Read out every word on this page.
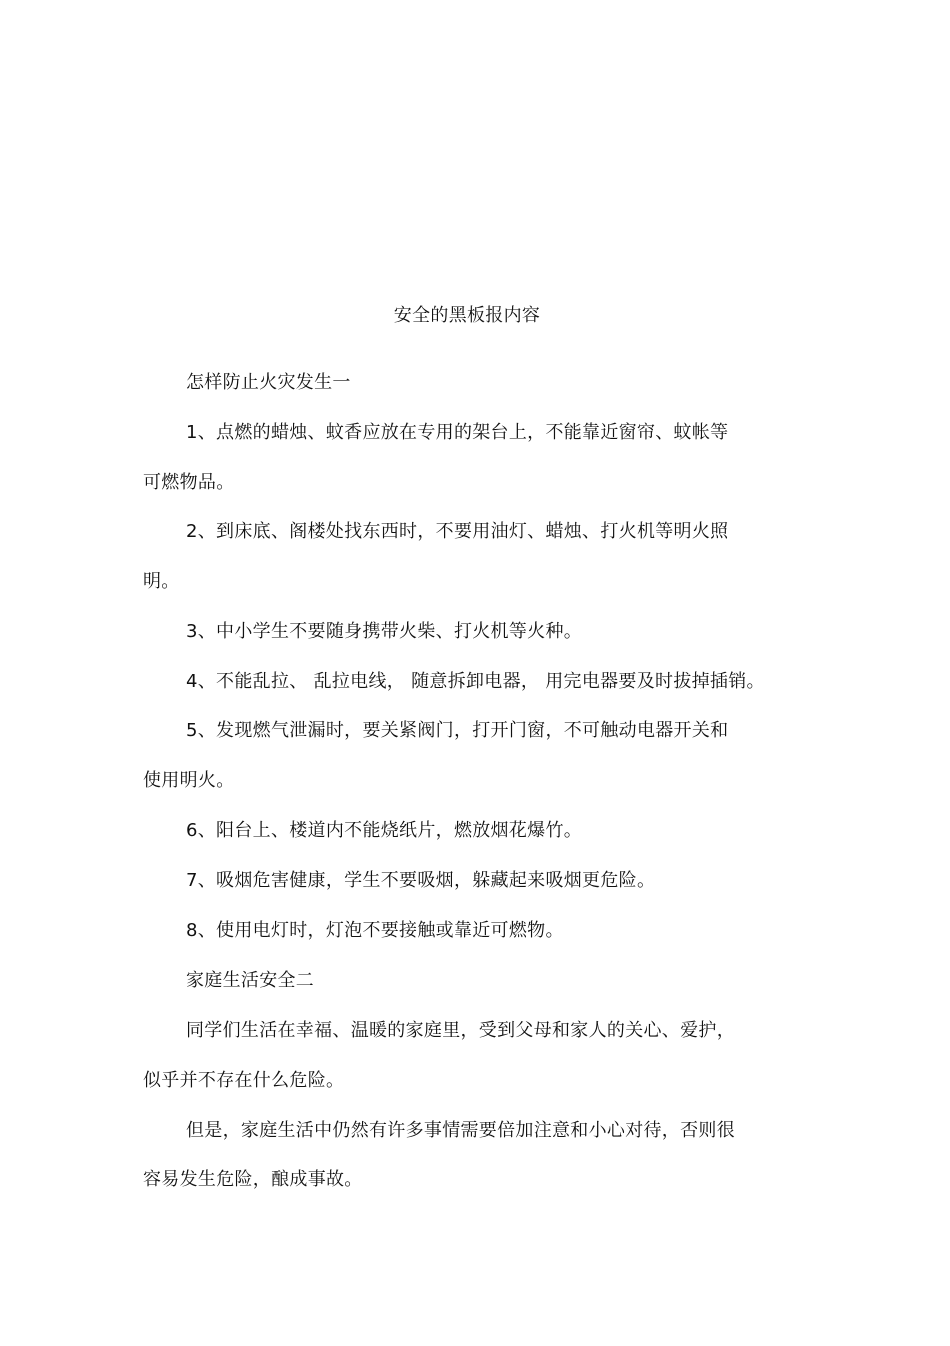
安全的黑板报内容
怎样防止火灾发生一
1、点燃的蜡烛、蚊香应放在专用的架台上，不能靠近窗帘、蚊帐等
可燃物品。
2、到床底、阁楼处找东西时，不要用油灯、蜡烛、打火机等明火照
明。
3、中小学生不要随身携带火柴、打火机等火种。
4、不能乱拉、 乱拉电线， 随意拆卸电器， 用完电器要及时拔掉插销。
5、发现燃气泄漏时，要关紧阀门，打开门窗，不可触动电器开关和
使用明火。
6、阳台上、楼道内不能烧纸片，燃放烟花爆竹。
7、吸烟危害健康，学生不要吸烟，躲藏起来吸烟更危险。
8、使用电灯时，灯泡不要接触或靠近可燃物。
家庭生活安全二
同学们生活在幸福、温暖的家庭里，受到父母和家人的关心、爱护，
似乎并不存在什么危险。
但是，家庭生活中仍然有许多事情需要倍加注意和小心对待，否则很
容易发生危险，酿成事故。
